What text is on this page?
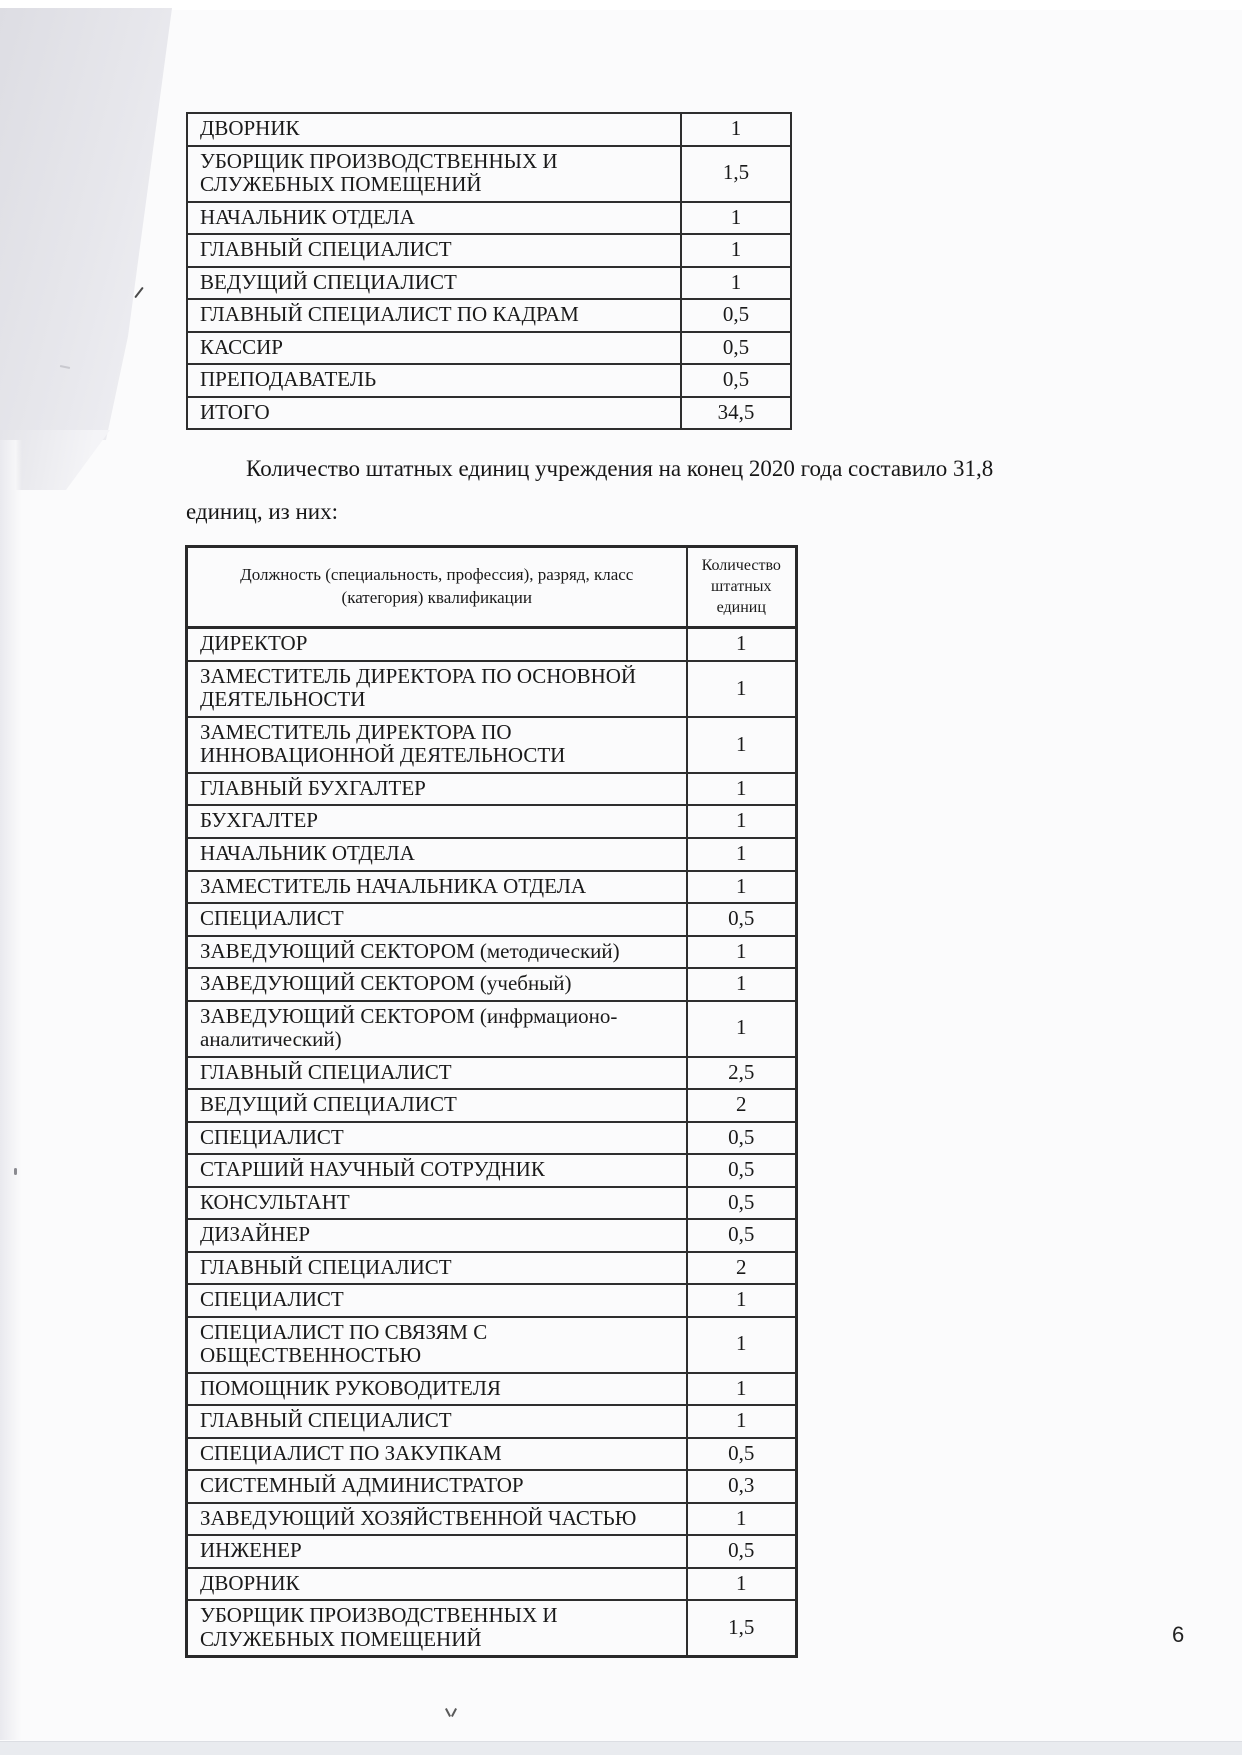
ДВОРНИК	1
УБОРЩИК ПРОИЗВОДСТВЕННЫХ И СЛУЖЕБНЫХ ПОМЕЩЕНИЙ	1,5
НАЧАЛЬНИК ОТДЕЛА	1
ГЛАВНЫЙ СПЕЦИАЛИСТ	1
ВЕДУЩИЙ СПЕЦИАЛИСТ	1
ГЛАВНЫЙ СПЕЦИАЛИСТ ПО КАДРАМ	0,5
КАССИР	0,5
ПРЕПОДАВАТЕЛЬ	0,5
ИТОГО	34,5

Количество штатных единиц учреждения на конец 2020 года составило 31,8 единиц, из них:

Должность (специальность, профессия), разряд, класс (категория) квалификации	Количество штатных единиц
ДИРЕКТОР	1
ЗАМЕСТИТЕЛЬ ДИРЕКТОРА ПО ОСНОВНОЙ ДЕЯТЕЛЬНОСТИ	1
ЗАМЕСТИТЕЛЬ ДИРЕКТОРА ПО ИННОВАЦИОННОЙ ДЕЯТЕЛЬНОСТИ	1
ГЛАВНЫЙ БУХГАЛТЕР	1
БУХГАЛТЕР	1
НАЧАЛЬНИК ОТДЕЛА	1
ЗАМЕСТИТЕЛЬ НАЧАЛЬНИКА ОТДЕЛА	1
СПЕЦИАЛИСТ	0,5
ЗАВЕДУЮЩИЙ СЕКТОРОМ (методический)	1
ЗАВЕДУЮЩИЙ СЕКТОРОМ (учебный)	1
ЗАВЕДУЮЩИЙ СЕКТОРОМ (инфрмационо-аналитический)	1
ГЛАВНЫЙ СПЕЦИАЛИСТ	2,5
ВЕДУЩИЙ СПЕЦИАЛИСТ	2
СПЕЦИАЛИСТ	0,5
СТАРШИЙ НАУЧНЫЙ СОТРУДНИК	0,5
КОНСУЛЬТАНТ	0,5
ДИЗАЙНЕР	0,5
ГЛАВНЫЙ СПЕЦИАЛИСТ	2
СПЕЦИАЛИСТ	1
СПЕЦИАЛИСТ ПО СВЯЗЯМ С ОБЩЕСТВЕННОСТЬЮ	1
ПОМОЩНИК РУКОВОДИТЕЛЯ	1
ГЛАВНЫЙ СПЕЦИАЛИСТ	1
СПЕЦИАЛИСТ ПО ЗАКУПКАМ	0,5
СИСТЕМНЫЙ АДМИНИСТРАТОР	0,3
ЗАВЕДУЮЩИЙ ХОЗЯЙСТВЕННОЙ ЧАСТЬЮ	1
ИНЖЕНЕР	0,5
ДВОРНИК	1
УБОРЩИК ПРОИЗВОДСТВЕННЫХ И СЛУЖЕБНЫХ ПОМЕЩЕНИЙ	1,5	6
